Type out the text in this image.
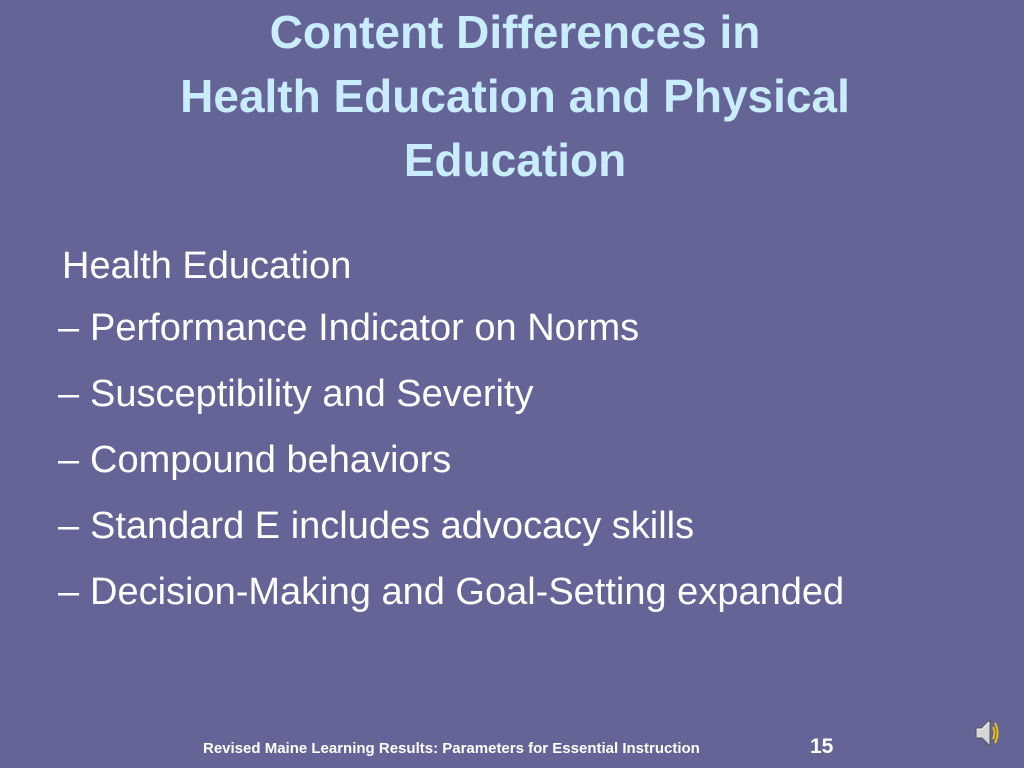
Content Differences in
Health Education and Physical
Education
Health Education
– Performance Indicator on Norms
– Susceptibility and Severity
– Compound behaviors
– Standard E includes advocacy skills
– Decision-Making and Goal-Setting expanded
Revised Maine Learning Results: Parameters for Essential Instruction	15
